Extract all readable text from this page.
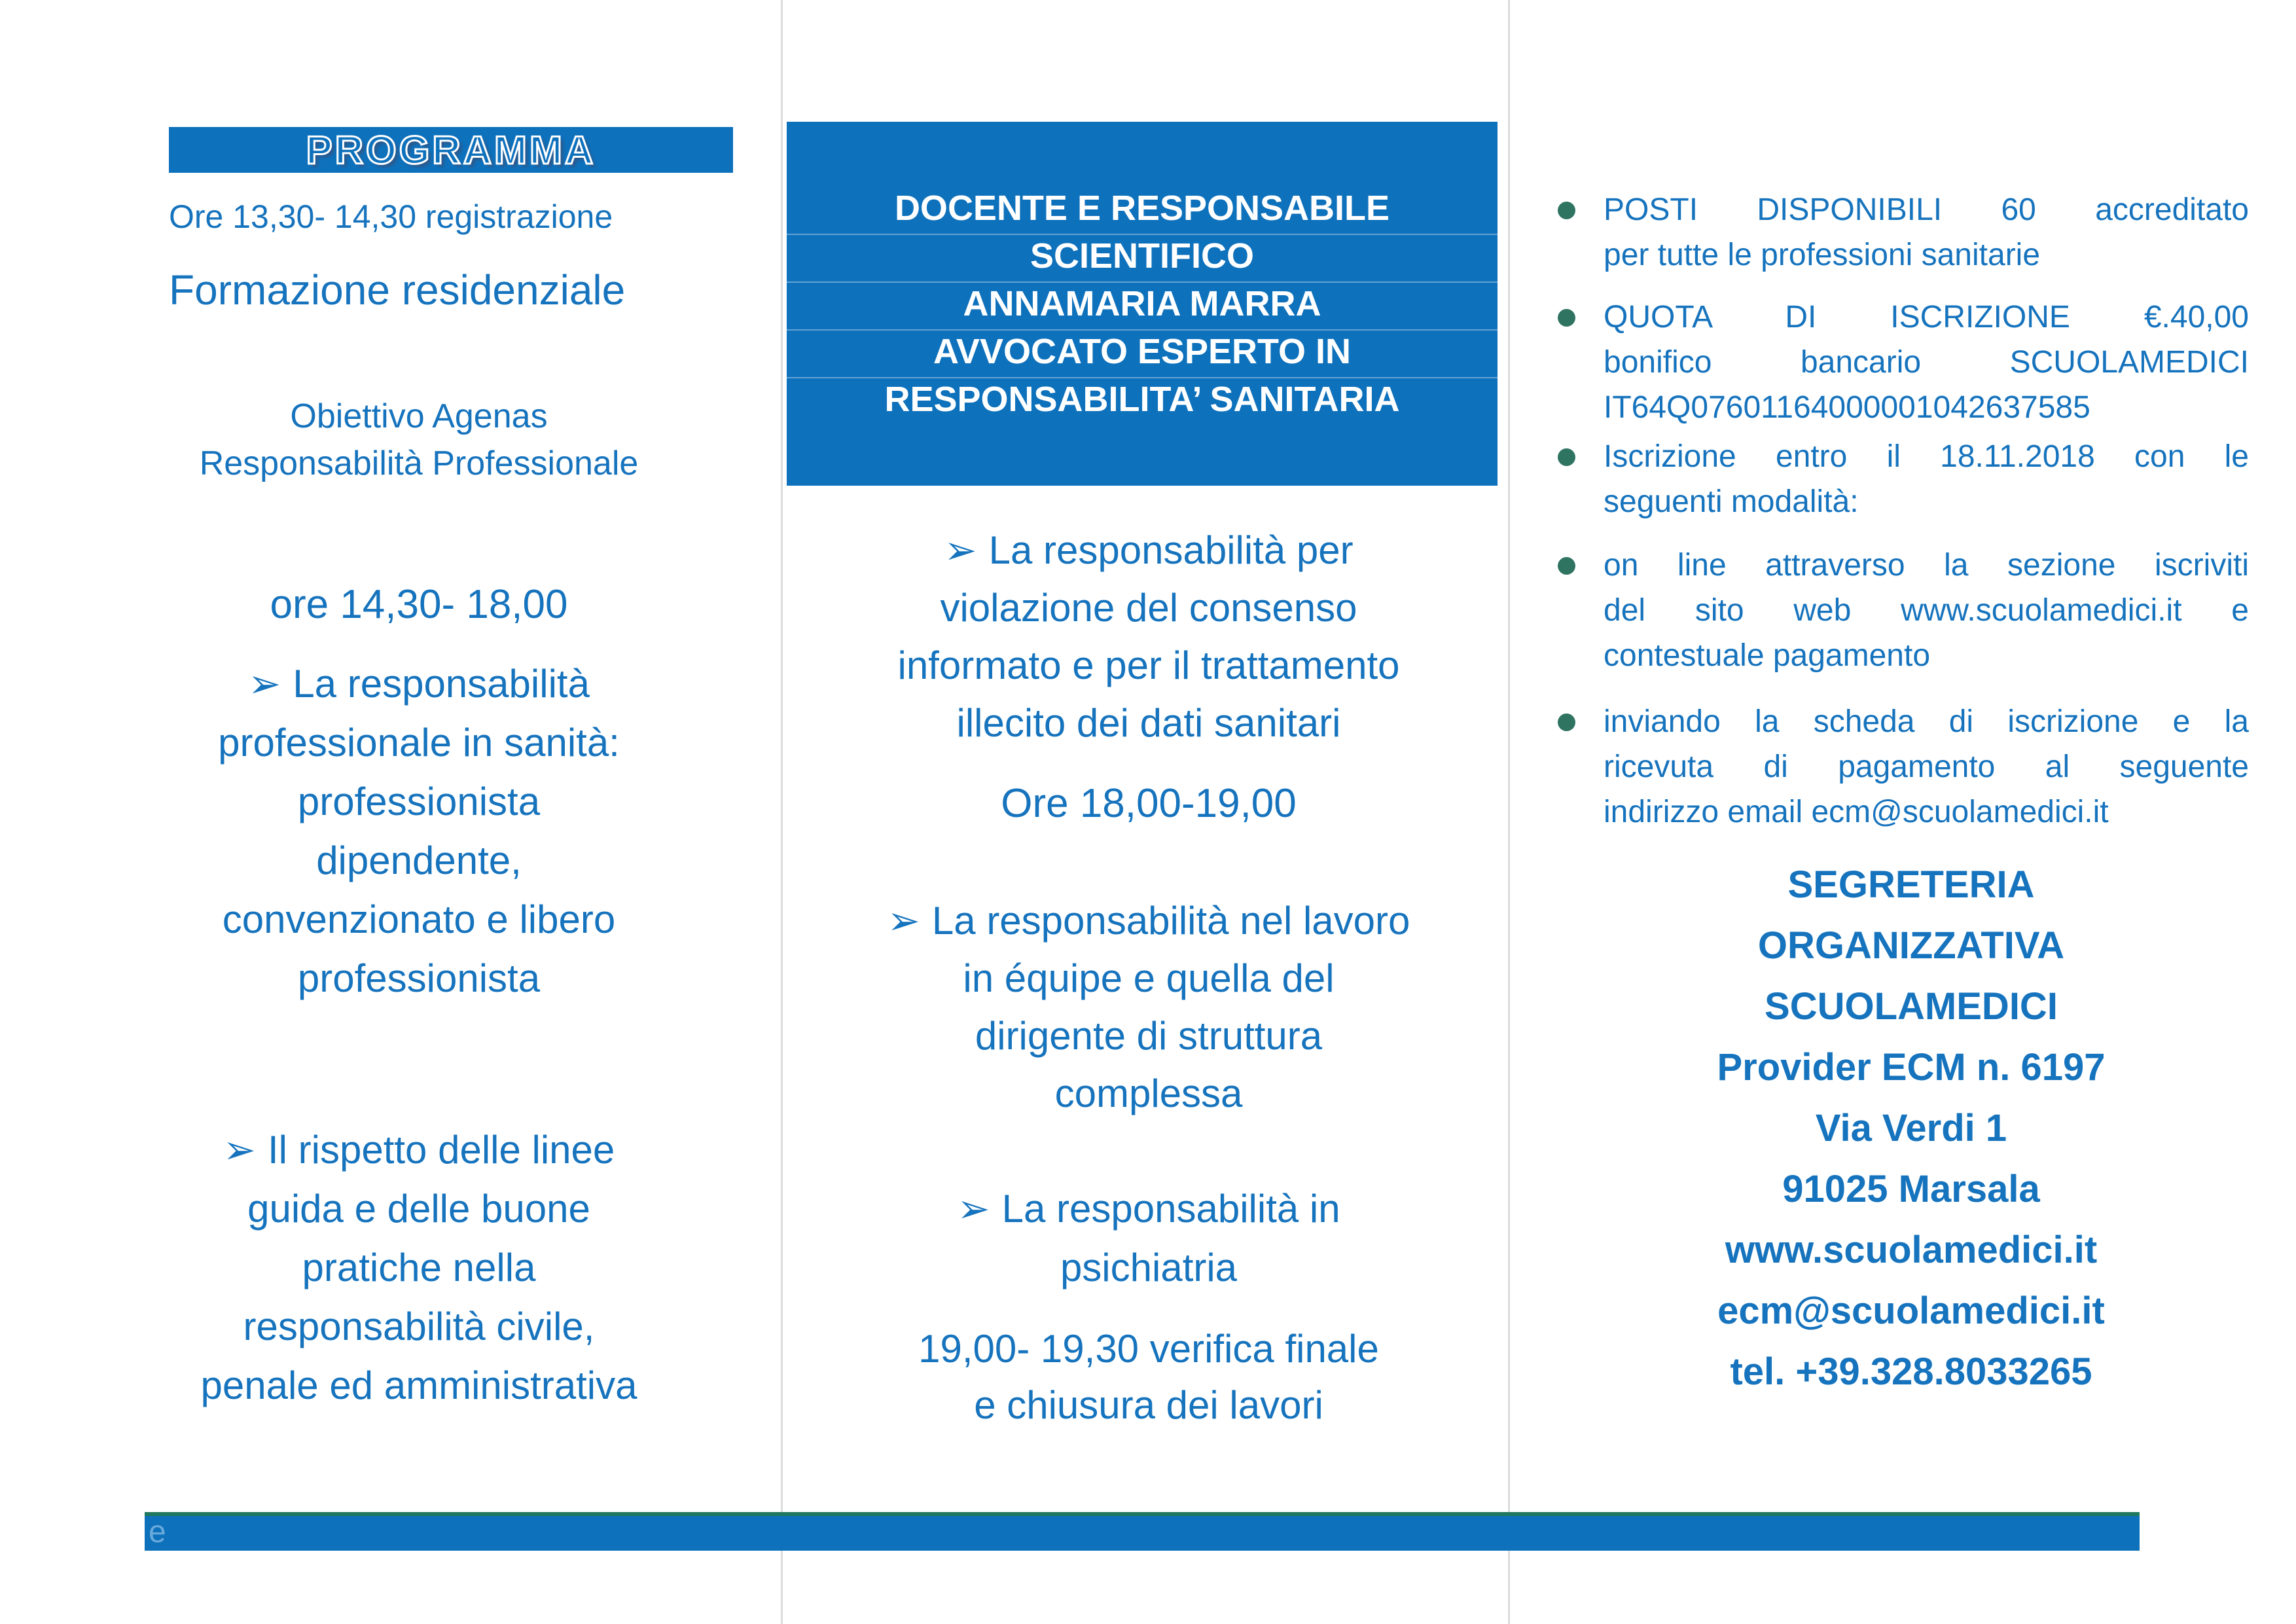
PROGRAMMA
Ore 13,30- 14,30 registrazione
Formazione residenziale
Obiettivo Agenas
Responsabilità Professionale
ore 14,30- 18,00
➢ La responsabilità
professionale in sanità:
professionista
dipendente,
convenzionato e libero
professionista
➢ Il rispetto delle linee
guida e delle buone
pratiche nella
responsabilità civile,
penale ed amministrativa
DOCENTE E RESPONSABILE
SCIENTIFICO
ANNAMARIA MARRA
AVVOCATO ESPERTO IN
RESPONSABILITA’ SANITARIA
➢ La responsabilità per
violazione del consenso
informato e per il trattamento
illecito dei dati sanitari
Ore 18,00-19,00
➢ La responsabilità nel lavoro
in équipe e quella del
dirigente di struttura
complessa
➢ La responsabilità in
psichiatria
19,00- 19,30 verifica finale
e chiusura dei lavori
POSTI DISPONIBILI 60 accreditato
per tutte le professioni sanitarie
QUOTA DI ISCRIZIONE €.40,00
bonifico bancario SCUOLAMEDICI
IT64Q07601164000001042637585
Iscrizione entro il 18.11.2018 con le
seguenti modalità:
on line attraverso la sezione iscriviti
del sito web www.scuolamedici.it e
contestuale pagamento
inviando la scheda di iscrizione e la
ricevuta di pagamento al seguente
indirizzo email ecm@scuolamedici.it
SEGRETERIA
ORGANIZZATIVA
SCUOLAMEDICI
Provider ECM n. 6197
Via Verdi 1
91025 Marsala
www.scuolamedici.it
ecm@scuolamedici.it
tel. +39.328.8033265
e
